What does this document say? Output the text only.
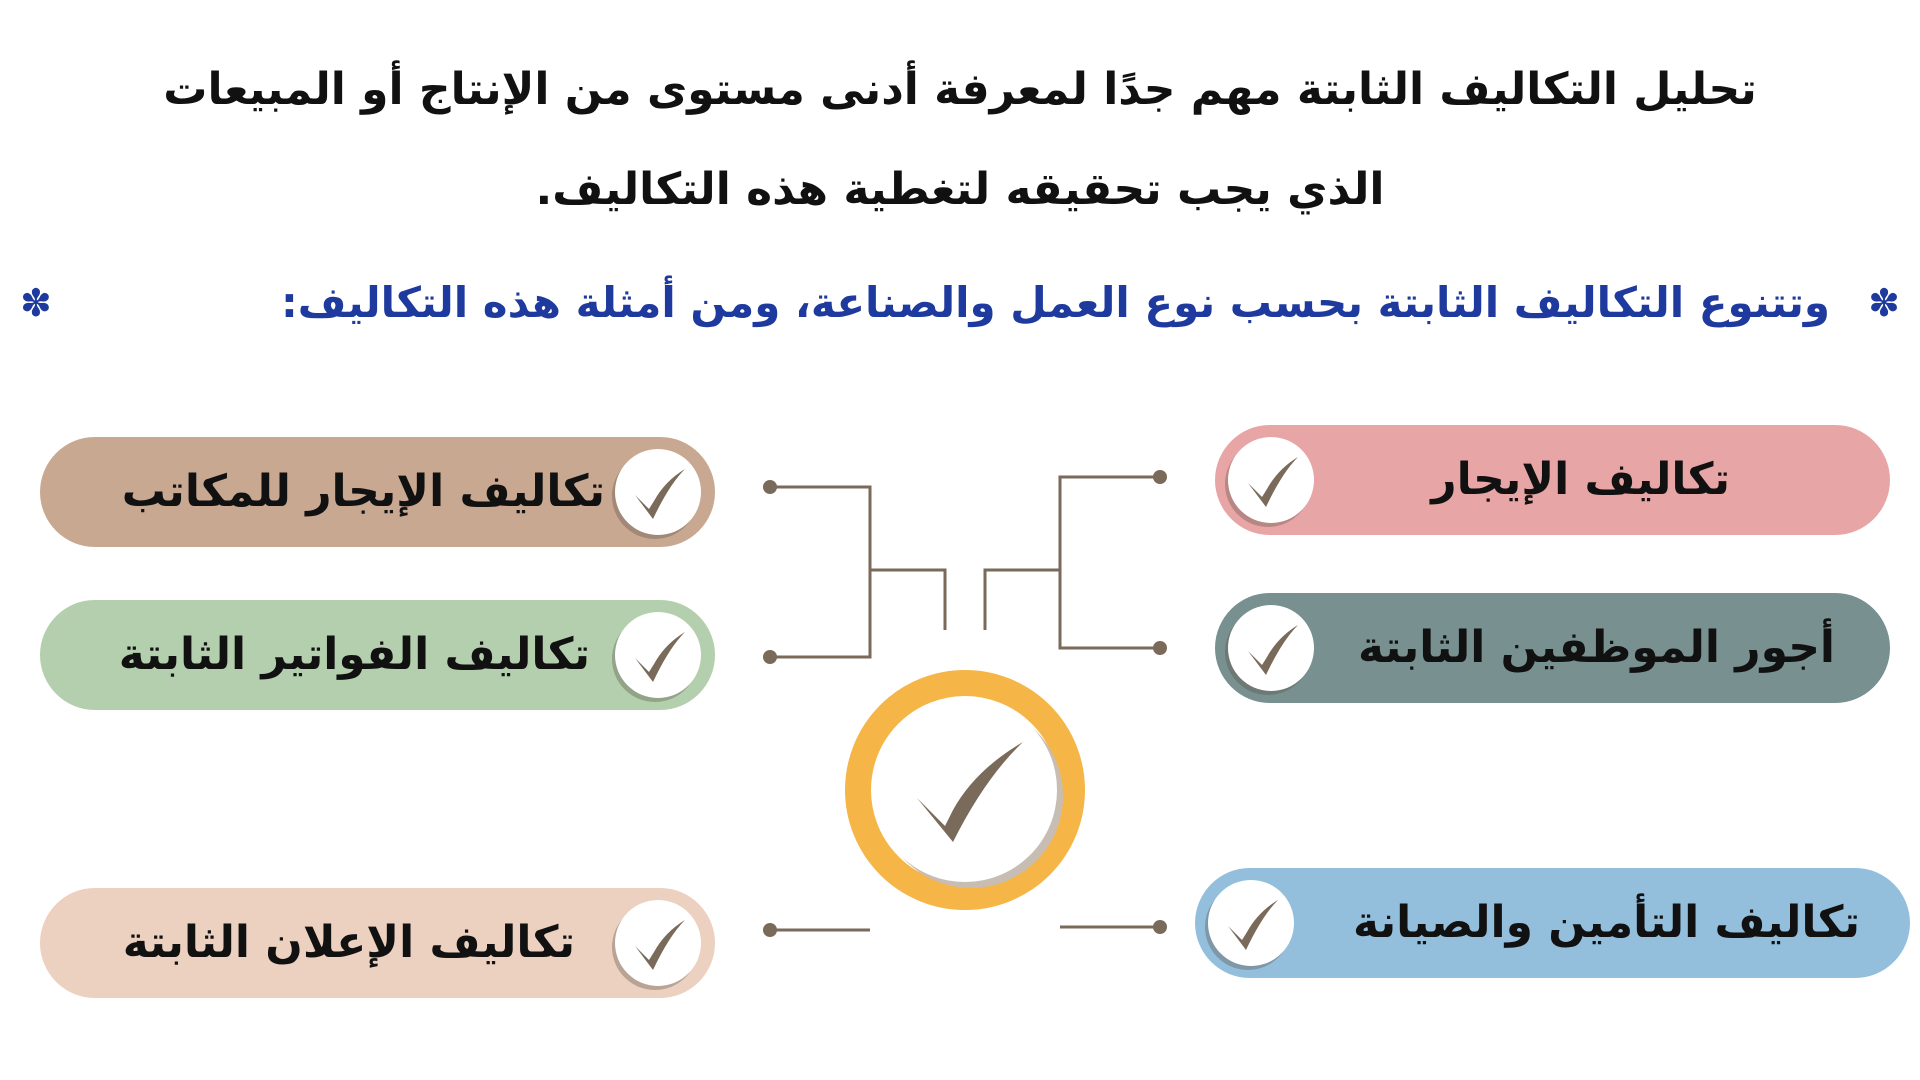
تحليل التكاليف الثابتة مهم جدًا لمعرفة أدنى مستوى من الإنتاج أو المبيعات
الذي يجب تحقيقه لتغطية هذه التكاليف.
✽
وتتنوع التكاليف الثابتة بحسب نوع العمل والصناعة، ومن أمثلة هذه التكاليف:
✽
تكاليف الإيجار
أجور الموظفين الثابتة
تكاليف التأمين والصيانة
تكاليف الإيجار للمكاتب
تكاليف الفواتير الثابتة
تكاليف الإعلان الثابتة
